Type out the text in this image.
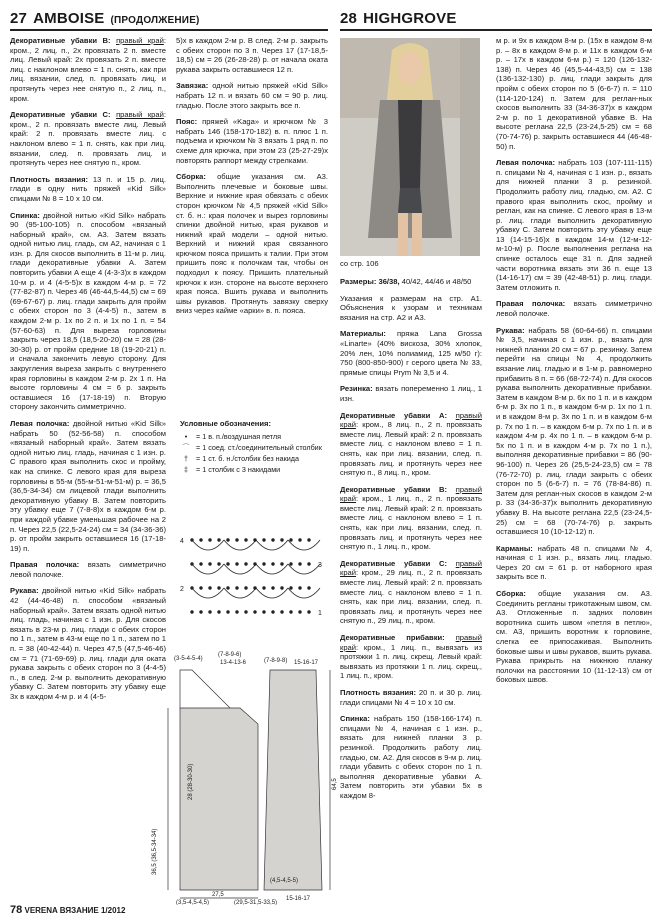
27 AMBOISE (ПРОДОЛЖЕНИЕ)	28 HIGHGROVE

Декоративные убавки В: правый край: кром., 2 лиц. п., 2х провязать 2 п. вместе лиц. Левый край: 2х провязать 2 п. вместе лиц. с наклоном влево = 1 п. снять, как при лиц. вязании, след. п. провязать лиц. и протянуть через нее снятую п., 2 лиц. п., кром.

Декоративные убавки С: правый край: кром., 2 п. провязать вместе лиц. Левый край: 2 п. провязать вместе лиц. с наклоном влево = 1 п. снять, как при лиц. вязании, след. п. провязать лиц. и протянуть через нее снятую п., кром.

Плотность вязания: 13 п. и 15 р. лиц. глади в одну нить пряжей «Kid Silk» спицами № 8 = 10 х 10 см.

Спинка: двойной нитью «Kid Silk» набрать 90 (95-100-105) п. способом «вязаный наборный край», см. А3. Затем вязать одной нитью лиц. гладь, см А2, начиная с 1 изн. р. Для скосов выполнить в 11-м р. лиц. глади декоративные убавки А. Затем повторить убавки А еще 4 (4-3-3)х в каждом 10-м р. и 4 (4-5-5)х в каждом 4-м р. = 72 (77-82-87) п. Через 46 (46-44,5-44,5) см = 69 (69-67-67) р. лиц. глади закрыть для пройм с обеих сторон по 3 (4-4-5) п., затем в каждом 2-м р. 1х по 2 п. и 1х по 1 п. = 54 (57-60-63) п. Для выреза горловины закрыть через 18,5 (18,5-20-20) см = 28 (28-30-30) р. от пройм средние 18 (19-20-21) п. и сначала закончить левую сторону. Для закругления выреза закрыть с внутреннего края горловины в каждом 2-м р. 2х 1 п. На высоте горловины 4 см = 6 р. закрыть оставшиеся 16 (17-18-19) п. Вторую сторону закончить симметрично.

Левая полочка: двойной нитью «Kid Silk» набрать 50 (52-56-58) п. способом «вязаный наборный край». Затем вязать одной нитью лиц. гладь, начиная с 1 изн. р. С правого края выполнить скос и пройму, как на спинке. С левого края для выреза горловины в 55-м (55-м-51-м-51-м) р. = 36,5 (36,5-34-34) см лицевой глади выполнить декоративную убавку В. Затем повторить эту убавку еще 7 (7-8-8)х в каждом 6-м р. при каждой убавке уменьшая рабочее на 2 п. Через 22,5 (22,5-24-24) см = 34 (34-36-36) р. от пройм закрыть оставшиеся 16 (17-18-19) п.

Правая полочка: вязать симметрично левой полочке.

Рукава: двойной нитью «Kid Silk» набрать 42 (44-46-48) п. способом «вязаный наборный край». Затем вязать одной нитью лиц. гладь, начиная с 1 изн. р. Для скосов вязать в 23-м р. лиц. глади с обеих сторон по 1 п., затем в 43-м еще по 1 п., затем по 1 п. = 38 (40-42-44) п. Через 47,5 (47,5-46-46) см = 71 (71-69-69) р. лиц. глади для окатa рукава закрыть с обеих сторон по 3 (4-4-5) п., в след. 2-м р. выполнить декоративную убавку С. Затем повторить эту убавку еще 3х в каждом 4-м р. и 4 (4-5-

5)х в каждом 2-м р. В след. 2-м р. закрыть с обеих сторон по 3 п. Через 17 (17-18,5-18,5) см = 26 (26-28-28) р. от начала оката рукава закрыть оставшиеся 12 п.

Завязка: одной нитью пряжей «Kid Silk» набрать 12 п. и вязать 60 см = 90 р. лиц. гладью. После этого закрыть все п.

Пояс: пряжей «Kaga» и крючком № 3 набрать 146 (158-170-182) в. п. плюс 1 п. подъема и крючком № 3 вязать 1 ряд п. по схеме для крючка, при этом 23 (25-27-29)х повторять раппорт между стрелками.

Сборка: общие указания см. А3. Выполнить плечевые и боковые швы. Верхние и нижние края обвязать с обеих сторон крючком № 4,5 пряжей «Kid Silk» ст. б. н.: края полочек и вырез горловины спинки двойной нитью, края рукавов и нижний край модели – одной нитью. Верхний и нижний края связанного крючком пояса пришить к талии. При этом пришить пояс к полочкам так, чтобы он подходил к поясу. Пришить плательный крючок к изн. стороне на высоте верхнего края пояса. Вшить рукава и выполнить швы рукавов. Протянуть завязку сверху вниз через каймe «арки» в. п. пояса.

Размеры: 36/38, 40/42, 44/46 и 48/50

Указания к размерам на стр. А1. Объяснения к узорам и техникам вязания на стр. А2 и А3.

Материалы: пряжа Lana Grossa «Linarte» (40% вискоза, 30% хлопок, 20% лен, 10% полиамид, 125 м/50 г): 750 (800-850-900) г серого цвета № 33, прямые спицы Prym № 3,5 и 4.

Резинка: вязать попеременно 1 лиц., 1 изн.

Декоративные убавки А: правый край: кром., 8 лиц. п., 2 п. провязать вместе лиц. Левый край: 2 п. провязать вместе лиц. с наклоном влево = 1 п. снять, как при лиц. вязании, след. п. провязать лиц. и протянуть через нее снятую п., 8 лиц. п., кром.

Декоративные убавки В: правый край: кром., 1 лиц. п., 2 п. провязать вместе лиц. Левый край: 2 п. провязать вместе лиц. с наклоном влево = 1 п. снять, как при лиц. вязании, след. п. провязать лиц. и протянуть через нее снятую п., 1 лиц. п., кром.

Декоративные убавки С: правый край: кром., 29 лиц. п., 2 п. провязать вместе лиц. Левый край: 2 п. провязать вместе лиц. с наклоном влево = 1 п. снять, как при лиц. вязании, след. п. провязать лиц. и протянуть через нее снятую п., 29 лиц. п., кром.

Декоративные прибавки: правый край: кром., 1 лиц. п., вывязать из протяжки 1 п. лиц. скрещ. Левый край: вывязать из протяжки 1 п. лиц. скрещ., 1 лиц. п., кром.

Плотность вязания: 20 п. и 30 р. лиц. глади спицами № 4 = 10 х 10 см.

Спинка: набрать 150 (158-166-174) п. спицами № 4, начиная с 1 изн. р., вязать для нижней планки 3 р. резинкой. Продолжить работу лиц. гладью, см. А2. Для скосов в 9-м р. лиц. глади убавить с обеих сторон по 1 п. выполняя декоративные убавки А. Затем повторить эти убавки 5х в каждом 8-

м р. и 9х в каждом 8-м р. (15х в каждом 8-м р. – 8х в каждом 8-м р. и 11х в каждом 6-м р. – 17х в каждом 6-м р.) = 120 (126-132-138) п. Через 46 (45,5-44-43,5) см = 138 (136-132-130) р. лиц. глади закрыть для пройм с обеих сторон по 5 (6-6-7) п. = 110 (114-120-124) п. Затем для реглан-ных скосов выполнить 33 (34-36-37)х в каждом 2-м р. по 1 декоративной убавке В. На высоте реглана 22,5 (23-24,5-25) см = 68 (70-74-76) р. закрыть оставшиеся 44 (46-48-50) п.

Левая полочка: набрать 103 (107-111-115) п. спицами № 4, начиная с 1 изн. р., вязать для нижней планки 3 р. резинкой. Продолжить работу лиц. гладью, см. А2. С правого края выполнить скос, пройму и реглан, как на спинке. С левого края в 13-м р. лиц. глади выполнить декоративную убавку С. Затем повторить эту убавку еще 13 (14-15-16)х в каждом 14-м (12-м-12-м-10-м) р. После выполнения реглана на спинке осталось еще 31 п. Для задней части воротника вязать эти 36 п. еще 13 (14-16-17) см = 39 (42-48-51) р. лиц. глади. Затем отложить п.

Правая полочка: вязать симметрично левой полочке.

Рукава: набрать 58 (60-64-66) п. спицами № 3,5, начиная с 1 изн. р., вязать для нижней планки 20 см = 67 р. резинку. Затем перейти на спицы № 4, продолжить вязание лиц. гладью и в 1-м р. равномерно прибавить 8 п. = 66 (68-72-74) п. Для скосов рукава выполнить декоративные прибавки. Затем в каждом 8-м р. 6х по 1 п. и в каждом 6-м р. 3х по 1 п., в каждом 6-м р. 1х по 1 п. и в каждом 8-м р. 3х по 1 п. и в каждом 6-м р. 7х по 1 п. – в каждом 6-м р. 7х по 1 п. и в каждом 4-м р. 4х по 1 п. – в каждом 6-м р. 5х по 1 п. и в каждом 4-м р. 7х по 1 п.), выполняя декоративные прибавки = 86 (90-96-100) п. Через 26 (25,5-24-23,5) см = 78 (76-72-70) р. лиц. глади закрыть с обеих сторон по 5 (6-6-7) п. = 76 (78-84-86) п. Затем для реглан-ных скосов в каждом 2-м р. 33 (34-36-37)х выполнить декоративную убавку В. На высоте реглана 22,5 (23-24,5-25) см = 68 (70-74-76) р. закрыть оставшиеся 10 (10-12-12) п.

Карманы: набрать 48 п. спицами № 4, начиная с 1 изн. р., вязать лиц. гладью. Через 20 см = 61 р. от наборного края закрыть все п.

Сборка: общие указания см. А3. Соединить регланы трикотажным швом, см. А3. Отложенные п. задних половин воротника сшить швом «петля в петлю», см. А3, пришить воротник к горловине, слегка ее припосаживая. Выполнить боковые швы и швы рукавов, вшить рукава. Рукава прикрыть на нижнюю планку полочки на расстоянии 10 (11-12-13) см от боковых швов.

со стр. 106
Условные обозначения:
•	= 1 в. п./воздушная петля
⌒ = 1 соед. ст./соединительный столбик
†	= 1 ст. б. н./столбик без накида
‡	= 1 столбик с 3 накидами
4
3
2
1
(3-5-4-5-4)
13-4-13-6
(7-8-9-6)
(7-8-9-8)
27,5
(3,5-4,5-4,5)	(29,5-31,5-33,5)
36,5 (36,5-34-34)
28 (28-30-30)
15-16-17
15-16-17
(4,5-4,5-5)
64,5
78 VERENA ВЯЗАНИЕ 1/2012
